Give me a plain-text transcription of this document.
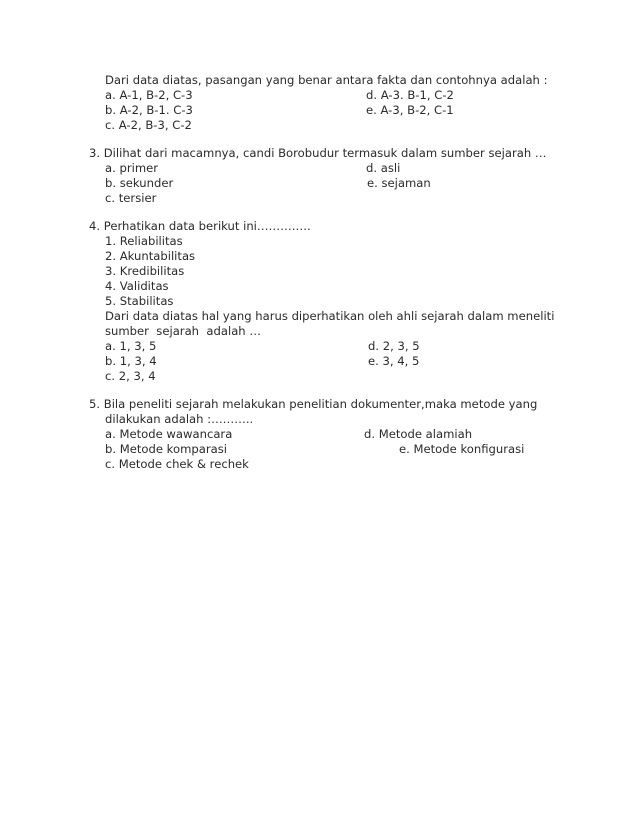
Dari data diatas, pasangan yang benar antara fakta dan contohnya adalah :
a. A-1, B-2, C-3	d. A-3. B-1, C-2
b. A-2, B-1. C-3	e. A-3, B-2, C-1
c. A-2, B-3, C-2
3. Dilihat dari macamnya, candi Borobudur termasuk dalam sumber sejarah …
a. primer	d. asli
b. sekunder	e. sejaman
c. tersier
4. Perhatikan data berikut ini…………..
1. Reliabilitas
2. Akuntabilitas
3. Kredibilitas
4. Validitas
5. Stabilitas
Dari data diatas hal yang harus diperhatikan oleh ahli sejarah dalam meneliti
sumber  sejarah  adalah …
a. 1, 3, 5	d. 2, 3, 5
b. 1, 3, 4	e. 3, 4, 5
c. 2, 3, 4
5. Bila peneliti sejarah melakukan penelitian dokumenter,maka metode yang
dilakukan adalah :………..
a. Metode wawancara	d. Metode alamiah
b. Metode komparasi	e. Metode konfigurasi
c. Metode chek & rechek
